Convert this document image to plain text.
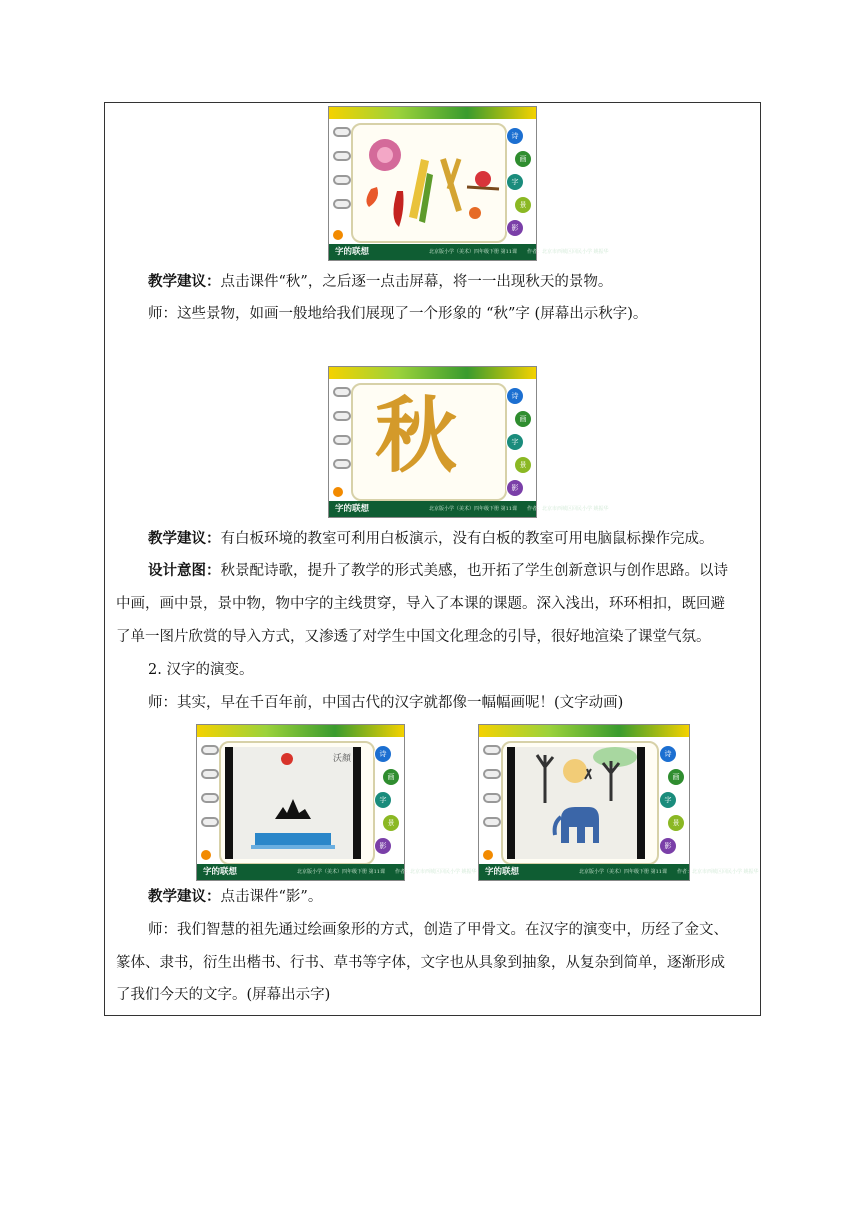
诗
画
字
景
影
字的联想	北京版小学（美术）四年级下册 第11课　　作者：北京市西城区回民小学 姚振华
教学建议：点击课件“秋”，之后逐一点击屏幕，将一一出现秋天的景物。
师：这些景物，如画一般地给我们展现了一个形象的 “秋”字 (屏幕出示秋字)。
秋	诗
画
字
景
影
字的联想	北京版小学（美术）四年级下册 第11课　　作者：北京市西城区回民小学 姚振华
教学建议：有白板环境的教室可利用白板演示，没有白板的教室可用电脑鼠标操作完成。
设计意图：秋景配诗歌，提升了教学的形式美感，也开拓了学生创新意识与创作思路。以诗
中画，画中景，景中物，物中字的主线贯穿，导入了本课的课题。深入浅出，环环相扣，既回避
了单一图片欣赏的导入方式，又渗透了对学生中国文化理念的引导，很好地渲染了课堂气氛。
2. 汉字的演变。
师：其实，早在千百年前，中国古代的汉字就都像一幅幅画呢！(文字动画)
沃顏	诗
画
字
景
影
字的联想	北京版小学（美术）四年级下册 第11课　　作者：北京市西城区回民小学 姚振华
诗
画
字
景
影
字的联想	北京版小学（美术）四年级下册 第11课　　作者：北京市西城区回民小学 姚振华
教学建议：点击课件“影”。
师：我们智慧的祖先通过绘画象形的方式，创造了甲骨文。在汉字的演变中，历经了金文、
篆体、隶书，衍生出楷书、行书、草书等字体，文字也从具象到抽象，从复杂到简单，逐渐形成
了我们今天的文字。(屏幕出示字)
